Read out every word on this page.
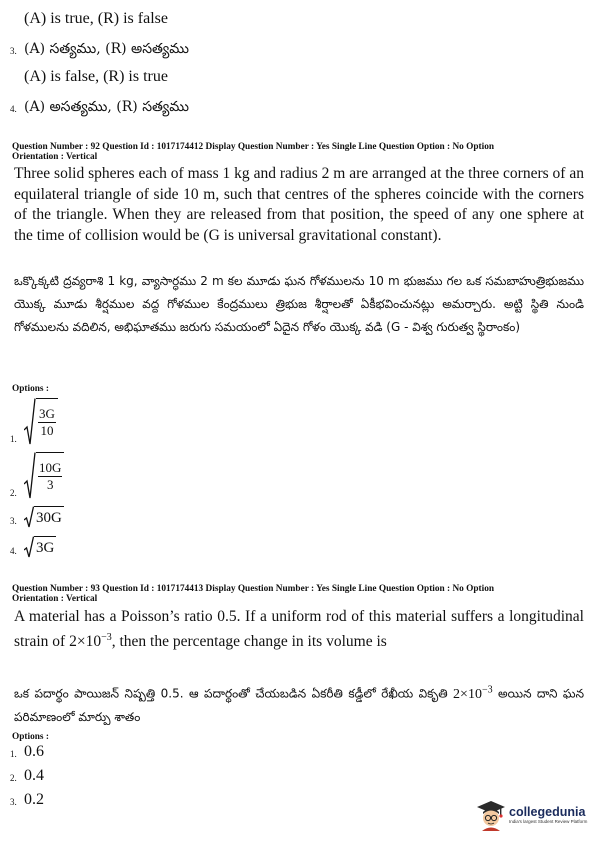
(A) is true, (R) is false
3. (A) సత్యము, (R) అసత్యము
(A) is false, (R) is true
4. (A) అసత్యము, (R) సత్యము
Question Number : 92 Question Id : 1017174412 Display Question Number : Yes Single Line Question Option : No Option
Orientation : Vertical
Three solid spheres each of mass 1 kg and radius 2 m are arranged at the three corners of an equilateral triangle of side 10 m, such that centres of the spheres coincide with the corners of the triangle. When they are released from that position, the speed of any one sphere at the time of collision would be (G is universal gravitational constant).
ఒక్కొక్కటి ద్రవ్యరాశి 1 kg, వ్యాసార్ధము 2 m కల మూడు ఘన గోళములను 10 m భుజము గల ఒక సమబాహుత్రిభుజము యొక్క మూడు శీర్షముల వద్ద గోళముల కేంద్రములు త్రిభుజ శీర్షాలతో ఏకీభవించునట్లు అమర్చారు. అట్టి స్థితి నుండి గోళములను వదిలిన, అభిఘాతము జరుగు సమయంలో ఏదైన గోళం యొక్క వడి (G - విశ్వ గురుత్వ స్థిరాంకం)
Options :
1.	$\frac{3G}{10}$
2.	$\frac{10G}{3}$
3.	30G
4.	3G
Question Number : 93 Question Id : 1017174413 Display Question Number : Yes Single Line Question Option : No Option
Orientation : Vertical
A material has a Poisson’s ratio 0.5. If a uniform rod of this material suffers a longitudinal strain of $2\times 10^{-3}$, then the percentage change in its volume is
ఒక పదార్థం పాయిజన్ నిష్పత్తి 0.5. ఆ పదార్థంతో చేయబడిన ఏకరీతి కడ్డీలో రేఖీయ వికృతి $2\times 10^{-3}$ అయిన దాని ఘన పరిమాణంలో మార్పు శాతం
Options :
1. 0.6
2. 0.4
3. 0.2
collegedunia
India's largest Student Review Platform
